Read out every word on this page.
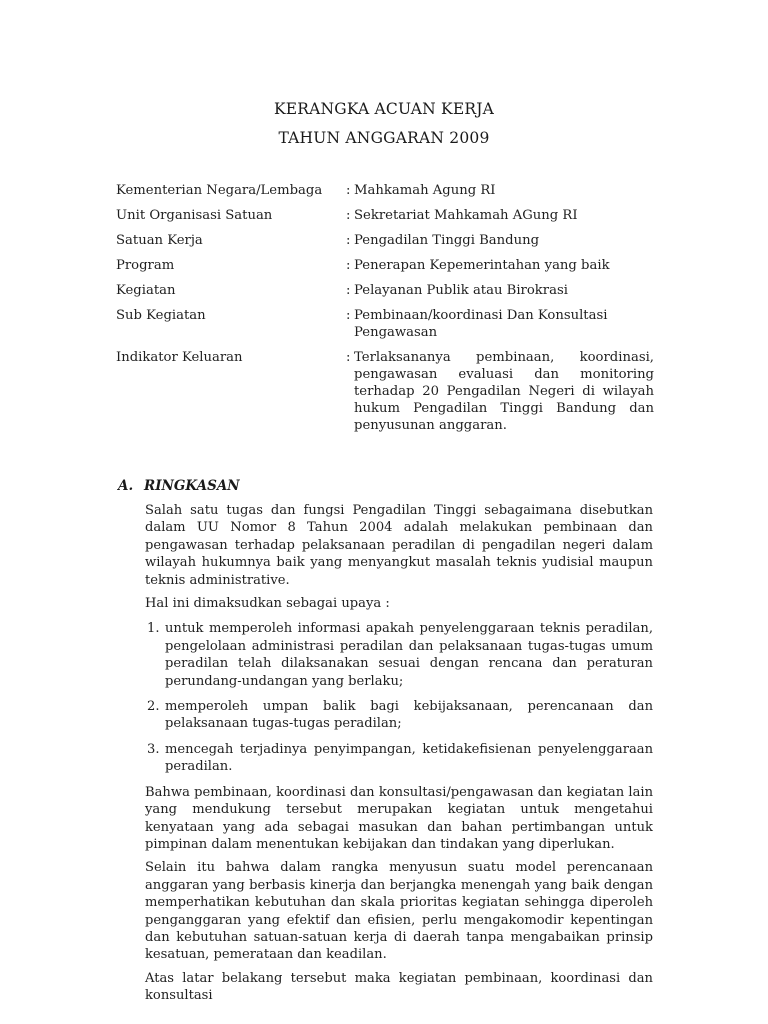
KERANGKA ACUAN KERJA
TAHUN ANGGARAN 2009
Kementerian Negara/Lembaga	: Mahkamah Agung RI
Unit Organisasi Satuan	: Sekretariat Mahkamah AGung RI
Satuan Kerja	: Pengadilan Tinggi Bandung
Program	: Penerapan Kepemerintahan yang baik
Kegiatan	: Pelayanan Publik atau Birokrasi
Sub Kegiatan	: Pembinaan/koordinasi Dan Konsultasi Pengawasan
Indikator Keluaran	: Terlaksananya pembinaan, koordinasi, pengawasan evaluasi dan monitoring terhadap 20 Pengadilan Negeri di wilayah hukum Pengadilan Tinggi Bandung dan penyusunan anggaran.
A. RINGKASAN

Salah satu tugas dan fungsi Pengadilan Tinggi sebagaimana disebutkan dalam UU Nomor 8 Tahun 2004 adalah melakukan pembinaan dan pengawasan terhadap pelaksanaan peradilan di pengadilan negeri dalam wilayah hukumnya baik yang menyangkut masalah teknis yudisial maupun teknis administrative.

Hal ini dimaksudkan sebagai upaya :

1. untuk memperoleh informasi apakah penyelenggaraan teknis peradilan, pengelolaan administrasi peradilan dan pelaksanaan tugas-tugas umum peradilan telah dilaksanakan sesuai dengan rencana dan peraturan perundang-undangan yang berlaku;
2. memperoleh umpan balik bagi kebijaksanaan, perencanaan dan pelaksanaan tugas-tugas peradilan;
3. mencegah terjadinya penyimpangan, ketidakefisienan penyelenggaraan peradilan.

Bahwa pembinaan, koordinasi dan konsultasi/pengawasan dan kegiatan lain yang mendukung tersebut merupakan kegiatan untuk mengetahui kenyataan yang ada sebagai masukan dan bahan pertimbangan untuk pimpinan dalam menentukan kebijakan dan tindakan yang diperlukan.

Selain itu bahwa dalam rangka menyusun suatu model perencanaan anggaran yang berbasis kinerja dan berjangka menengah yang baik dengan memperhatikan kebutuhan dan skala prioritas kegiatan sehingga diperoleh penganggaran yang efektif dan efisien, perlu mengakomodir kepentingan dan kebutuhan satuan-satuan kerja di daerah tanpa mengabaikan prinsip kesatuan, pemerataan dan keadilan.

Atas latar belakang tersebut maka kegiatan pembinaan, koordinasi dan konsultasi
